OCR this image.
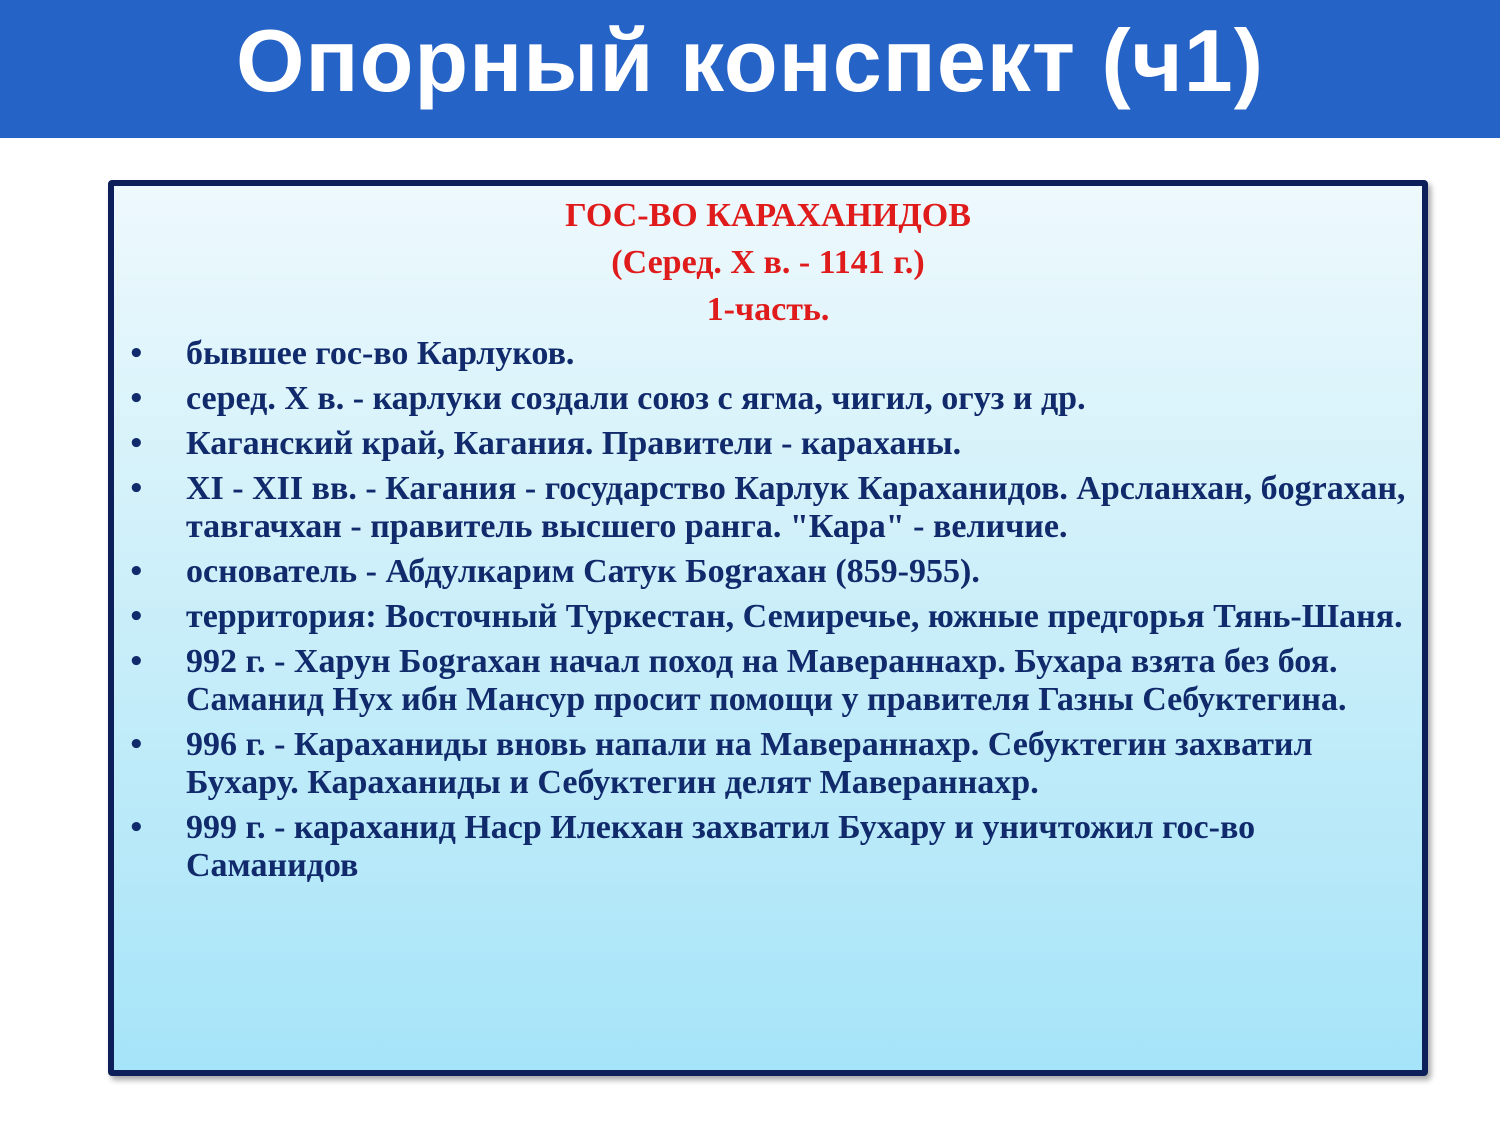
Опорный конспект (ч1)
ГОС-ВО КАРАХАНИДОВ
(Серед. Х в. - 1141 г.)
1-часть.
• бывшее гос-во Карлуков.
• серед. Х в. - карлуки создали союз с ягма, чигил, огуз и др.
• Каганский край, Кагания. Правители - караханы.
• XI - XII вв. - Кагания - государство Карлук Караханидов. Арсланхан, бograхан, тавгачхан - правитель высшего ранга. "Кара" - величие.
• основатель - Абдулкарим Сатук Боgraхан (859-955).
• территория: Восточный Туркестан, Семиречье, южные предгорья Тянь-Шаня.
• 992 г. - Харун Боgraхан начал поход на Мавераннахр. Бухара взята без боя. Саманид Нух ибн Мансур просит помощи у правителя Газны Себуктегина.
• 996 г. - Караханиды вновь напали на Мавераннахр. Себуктегин захватил Бухару. Караханиды и Себуктегин делят Мавераннахр.
• 999 г. - караханид Наср Илекхан захватил Бухару и уничтожил гос-во Саманидов
